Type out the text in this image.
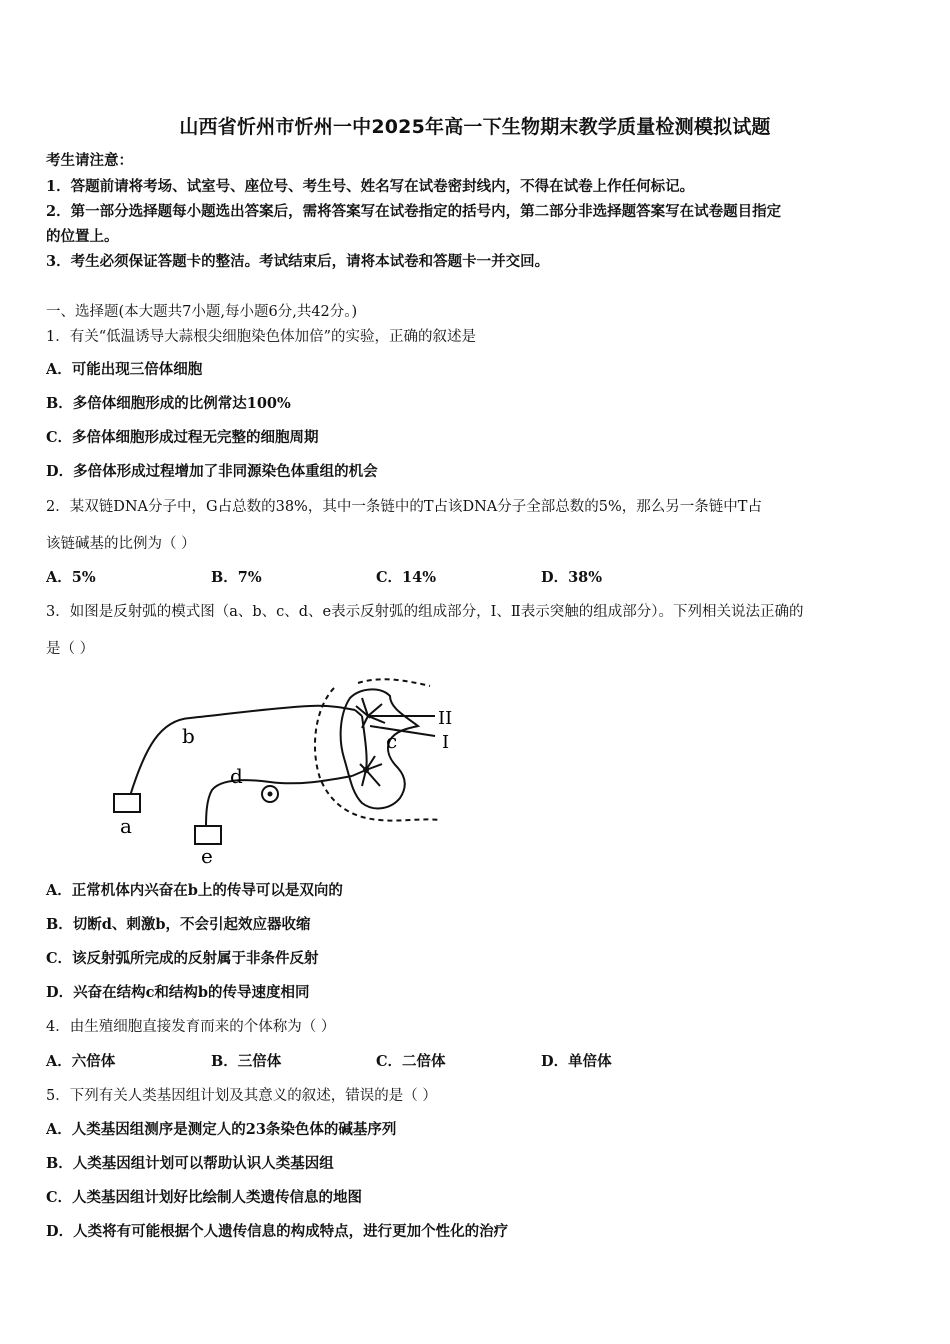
山西省忻州市忻州一中2025年高一下生物期末教学质量检测模拟试题
考生请注意：
1．答题前请将考场、试室号、座位号、考生号、姓名写在试卷密封线内，不得在试卷上作任何标记。
2．第一部分选择题每小题选出答案后，需将答案写在试卷指定的括号内，第二部分非选择题答案写在试卷题目指定
的位置上。
3．考生必须保证答题卡的整洁。考试结束后，请将本试卷和答题卡一并交回。
一、选择题(本大题共7小题,每小题6分,共42分。)
1．有关“低温诱导大蒜根尖细胞染色体加倍”的实验，正确的叙述是
A．可能出现三倍体细胞
B．多倍体细胞形成的比例常达100%
C．多倍体细胞形成过程无完整的细胞周期
D．多倍体形成过程增加了非同源染色体重组的机会
2．某双链DNA分子中，G占总数的38%，其中一条链中的T占该DNA分子全部总数的5%，那么另一条链中T占
该链碱基的比例为（ ）
A．5%	B．7%	C．14%	D．38%
3．如图是反射弧的模式图（a、b、c、d、e表示反射弧的组成部分，Ⅰ、Ⅱ表示突触的组成部分）。下列相关说法正确的
是（ ）
b	c
d
a
e
II
I
A．正常机体内兴奋在b上的传导可以是双向的
B．切断d、刺激b，不会引起效应器收缩
C．该反射弧所完成的反射属于非条件反射
D．兴奋在结构c和结构b的传导速度相同
4．由生殖细胞直接发育而来的个体称为（ ）
A．六倍体	B．三倍体	C．二倍体	D．单倍体
5．下列有关人类基因组计划及其意义的叙述，错误的是（ ）
A．人类基因组测序是测定人的23条染色体的碱基序列
B．人类基因组计划可以帮助认识人类基因组
C．人类基因组计划好比绘制人类遗传信息的地图
D．人类将有可能根据个人遗传信息的构成特点，进行更加个性化的治疗
